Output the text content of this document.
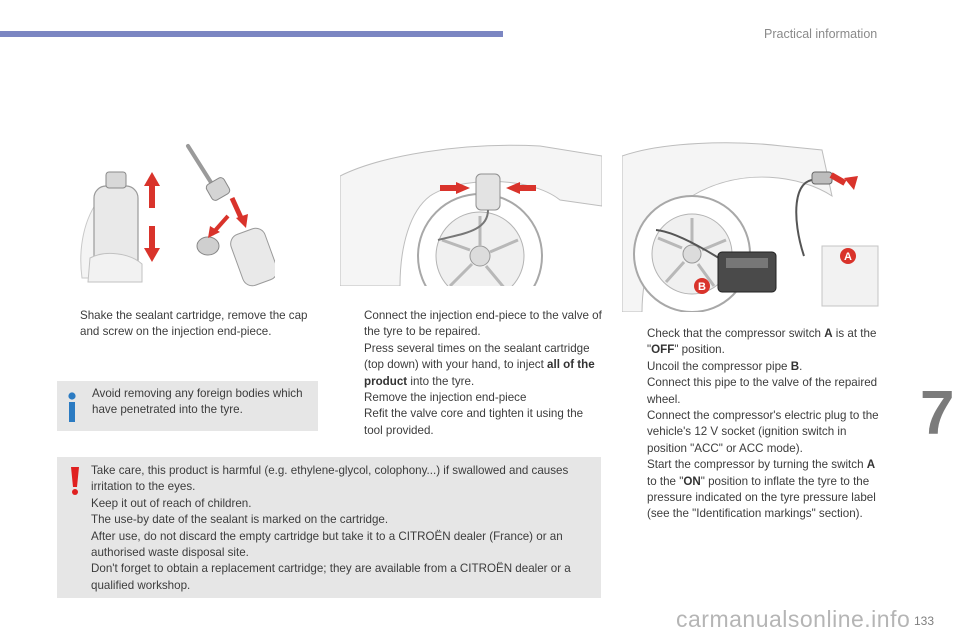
Practical information
7
133
carmanualsonline.info
A
B
Shake the sealant cartridge, remove the cap and screw on the injection end-piece.
Avoid removing any foreign bodies which have penetrated into the tyre.
Connect the injection end-piece to the valve of the tyre to be repaired.
Press several times on the sealant cartridge (top down) with your hand, to inject all of the product into the tyre.
Remove the injection end-piece
Refit the valve core and tighten it using the tool provided.
Check that the compressor switch A is at the "OFF" position.
Uncoil the compressor pipe B.
Connect this pipe to the valve of the repaired wheel.
Connect the compressor's electric plug to the vehicle's 12 V socket (ignition switch in position "ACC" or ACC mode).
Start the compressor by turning the switch A to the "ON" position to inflate the tyre to the pressure indicated on the tyre pressure label (see the "Identification markings" section).
Take care, this product is harmful (e.g. ethylene-glycol, colophony...) if swallowed and causes irritation to the eyes.
Keep it out of reach of children.
The use-by date of the sealant is marked on the cartridge.
After use, do not discard the empty cartridge but take it to a CITROËN dealer (France) or an authorised waste disposal site.
Don't forget to obtain a replacement cartridge; they are available from a CITROËN dealer or a qualified workshop.
